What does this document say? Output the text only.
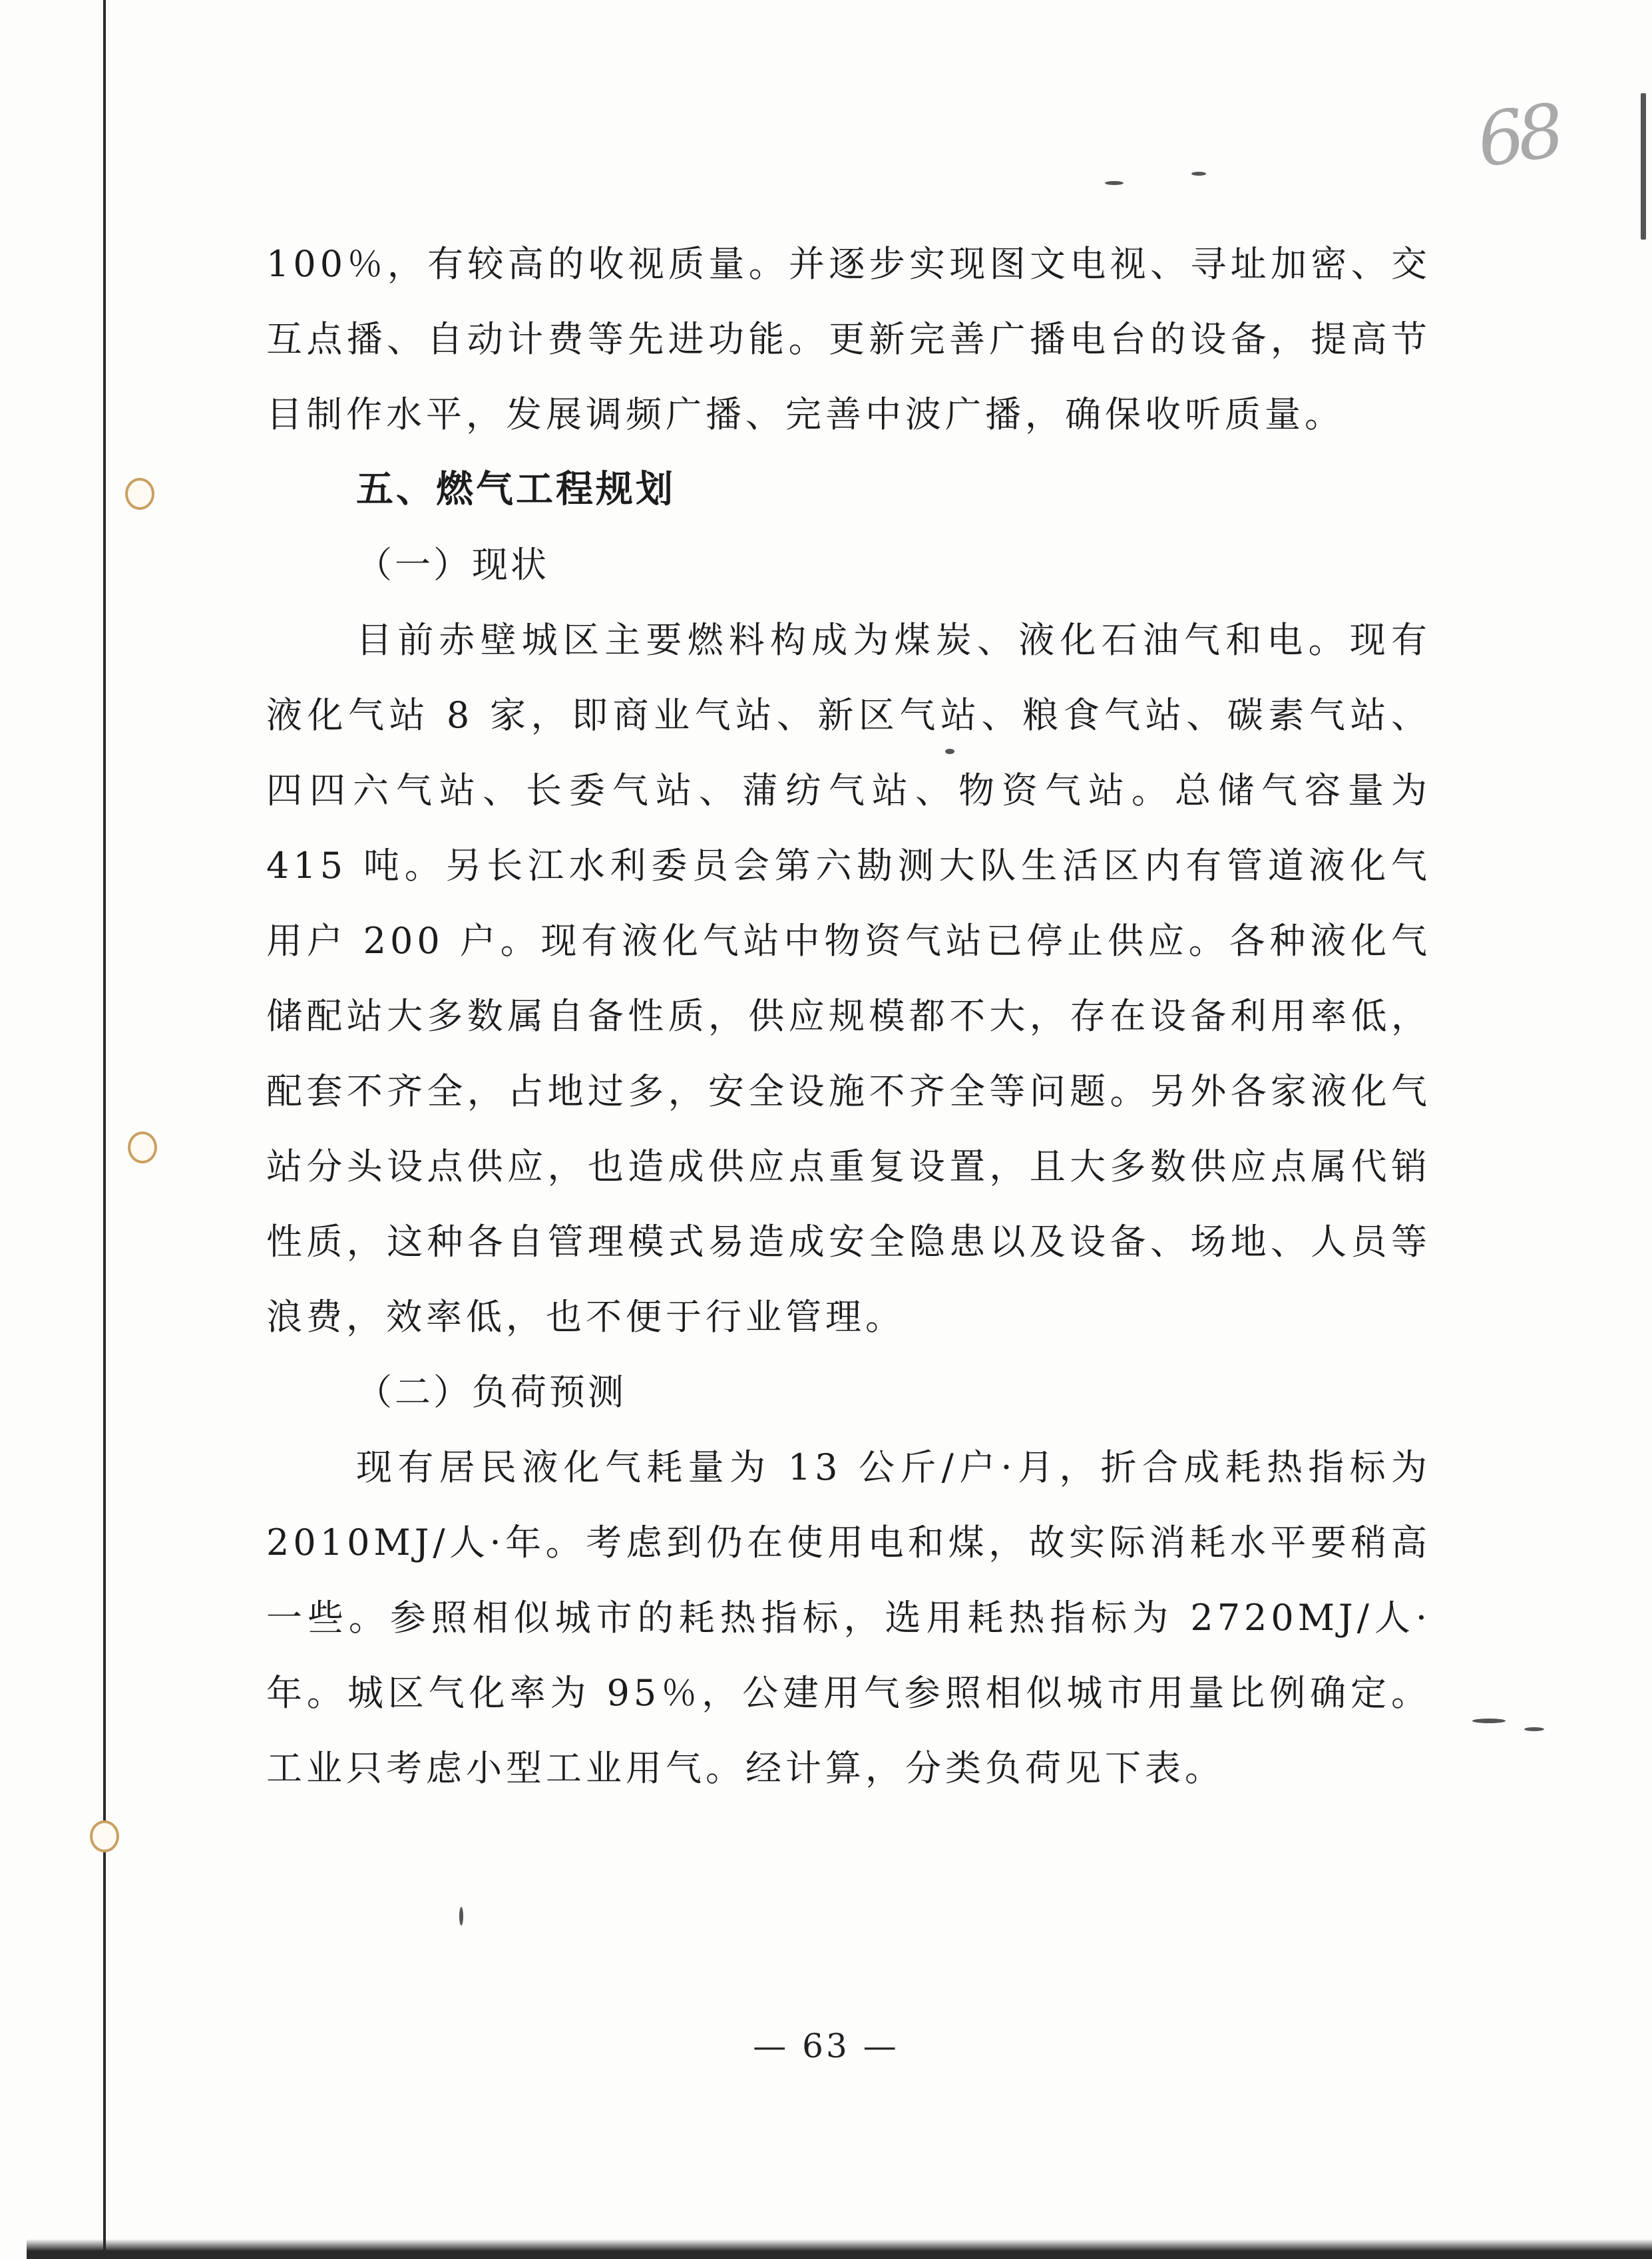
68

100％，有较高的收视质量。并逐步实现图文电视、寻址加密、交互点播、自动计费等先进功能。更新完善广播电台的设备，提高节目制作水平，发展调频广播、完善中波广播，确保收听质量。

五、燃气工程规划

（一）现状

目前赤壁城区主要燃料构成为煤炭、液化石油气和电。现有液化气站 8 家，即商业气站、新区气站、粮食气站、碳素气站、四四六气站、长委气站、蒲纺气站、物资气站。总储气容量为 415 吨。另长江水利委员会第六勘测大队生活区内有管道液化气用户 200 户。现有液化气站中物资气站已停止供应。各种液化气储配站大多数属自备性质，供应规模都不大，存在设备利用率低，配套不齐全，占地过多，安全设施不齐全等问题。另外各家液化气站分头设点供应，也造成供应点重复设置，且大多数供应点属代销性质，这种各自管理模式易造成安全隐患以及设备、场地、人员等浪费，效率低，也不便于行业管理。

（二）负荷预测

现有居民液化气耗量为 13 公斤/户·月，折合成耗热指标为 2010MJ/人·年。考虑到仍在使用电和煤，故实际消耗水平要稍高一些。参照相似城市的耗热指标，选用耗热指标为 2720MJ/人·年。城区气化率为 95％，公建用气参照相似城市用量比例确定。工业只考虑小型工业用气。经计算，分类负荷见下表。

— 63 —
